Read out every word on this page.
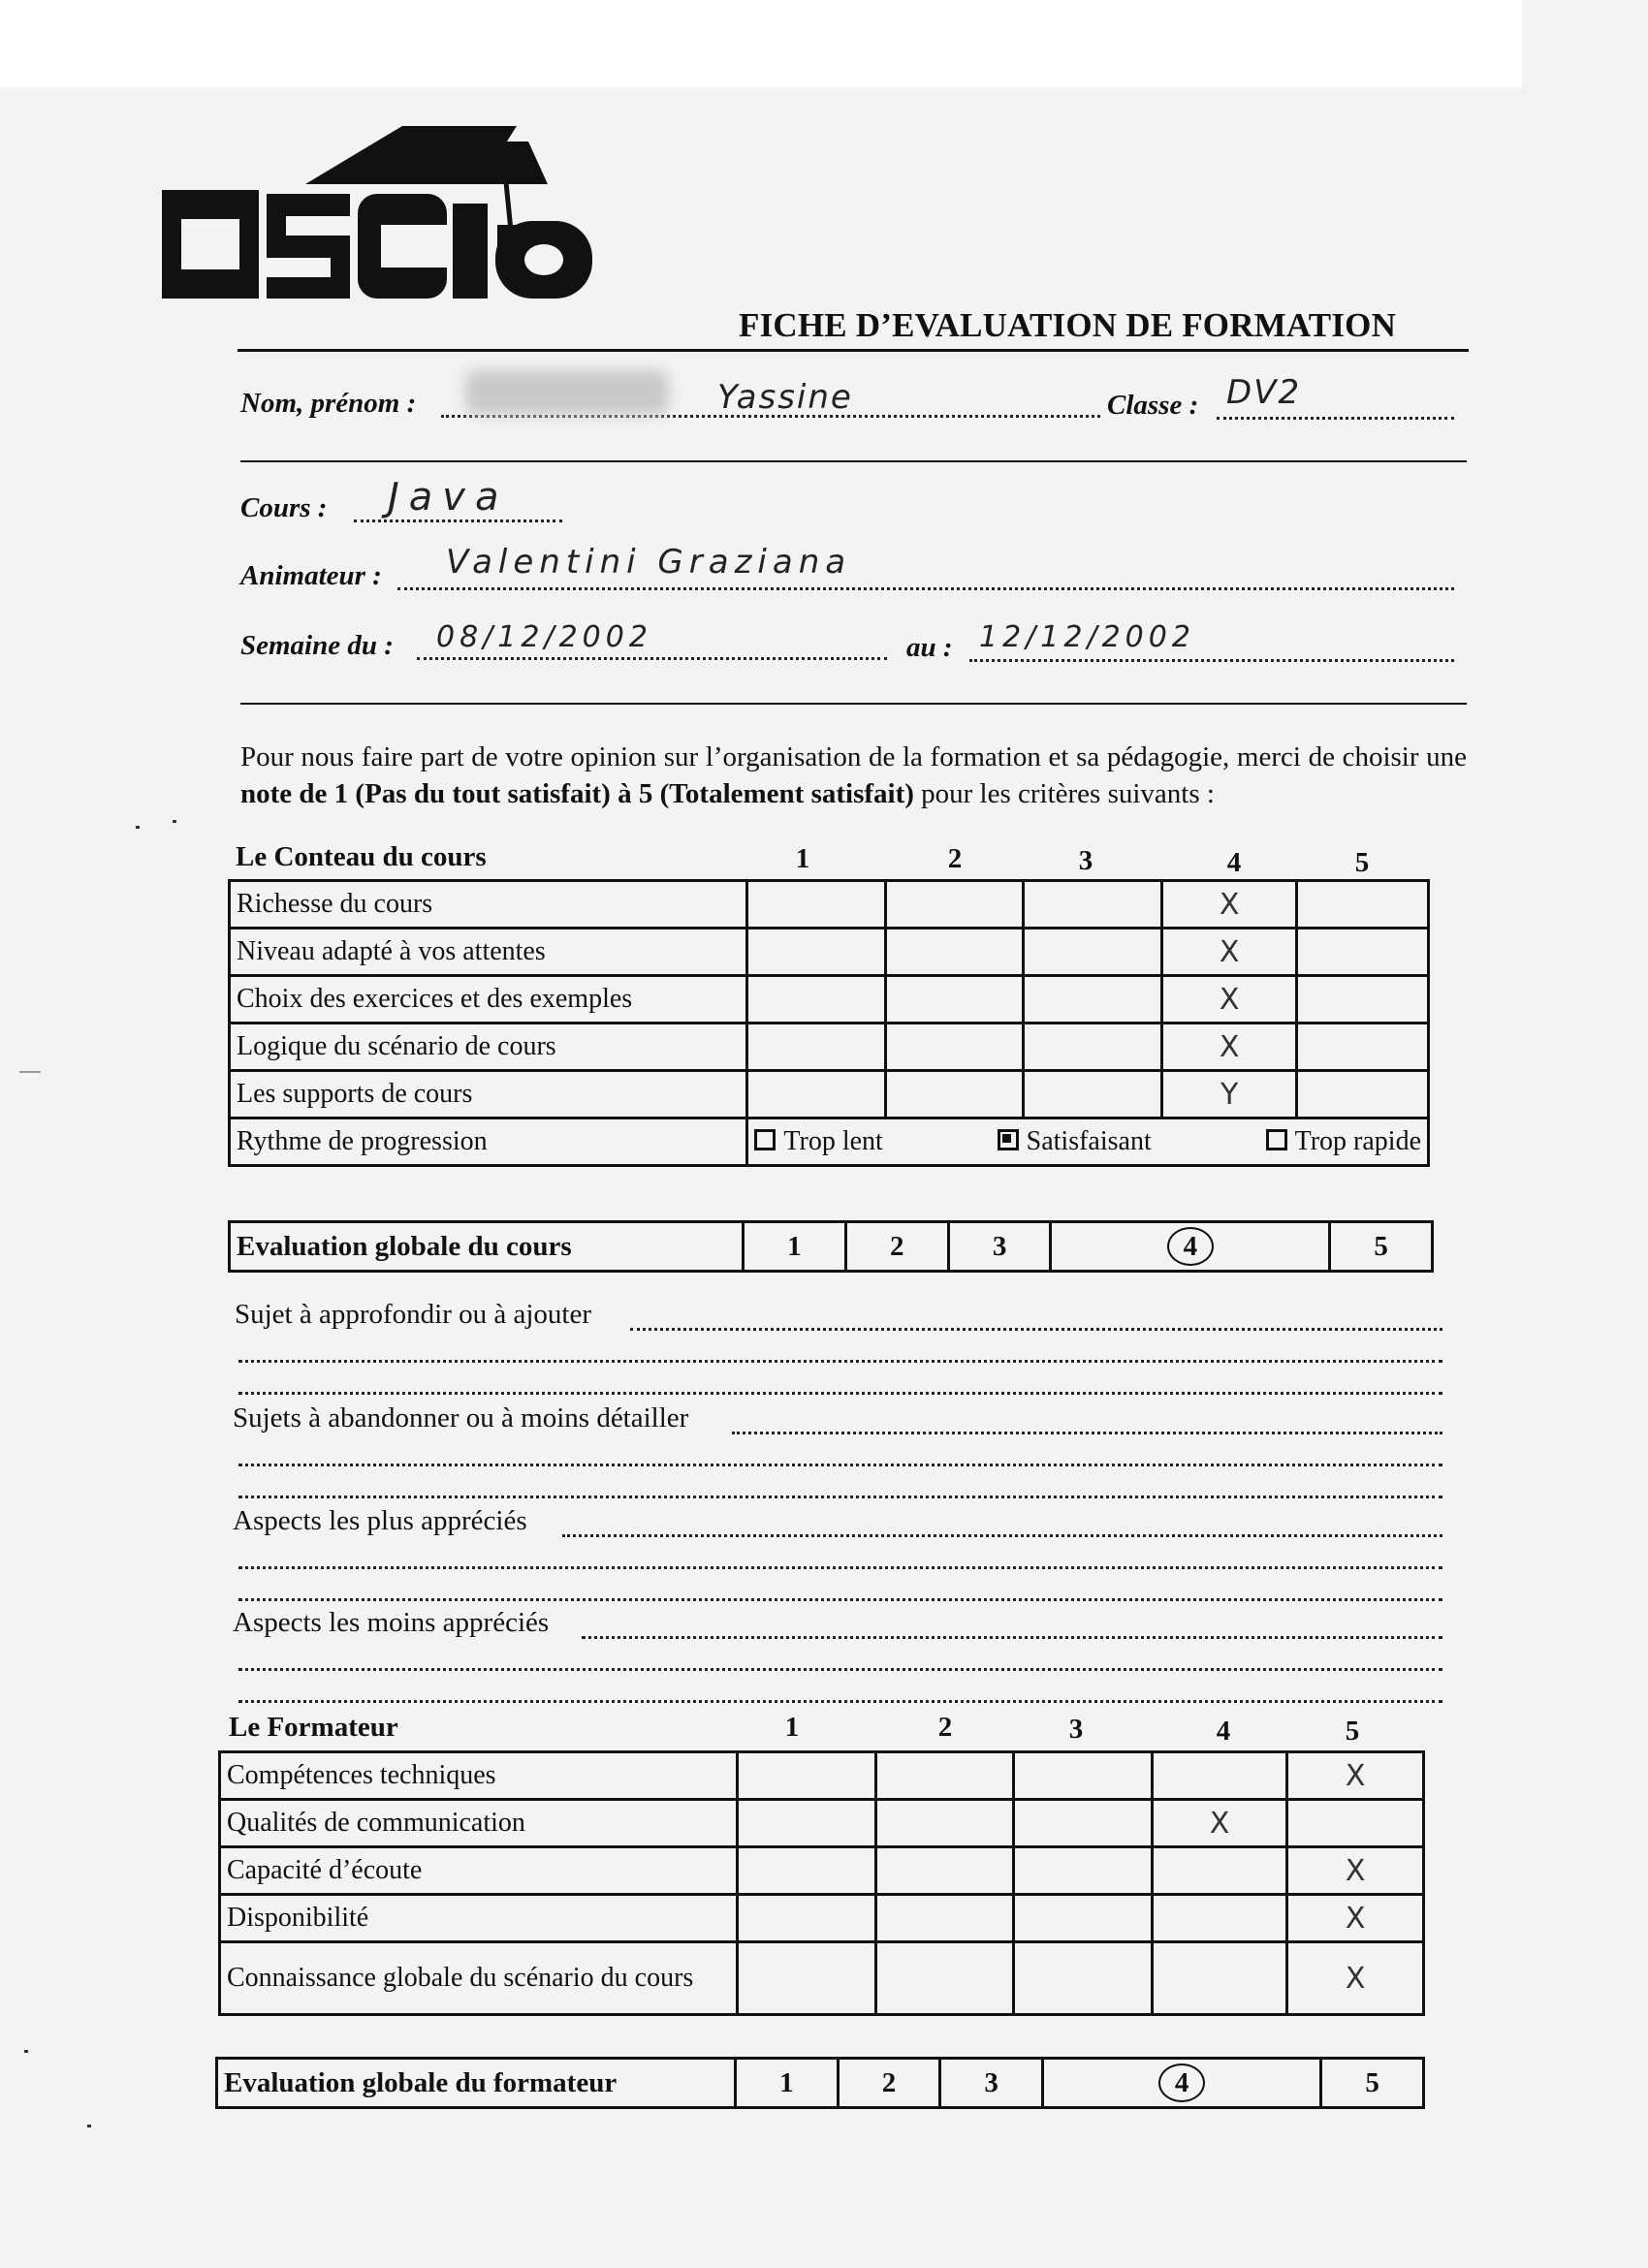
FICHE D’EVALUATION DE FORMATION
Nom, prénom :	Yassine	Classe : DV2
Cours : Java
Animateur : Valentini Graziana
Semaine du : 08/12/2002	au : 12/12/2002
Pour nous faire part de votre opinion sur l’organisation de la formation et sa pédagogie, merci de choisir une note de 1 (Pas du tout satisfait) à 5 (Totalement satisfait) pour les critères suivants :
Le Conteau du cours	1	2	3	4	5
Richesse du cours				X	
Niveau adapté à vos attentes				X	
Choix des exercices et des exemples				X	
Logique du scénario de cours				X	
Les supports de cours				Y	
Rythme de progression	Trop lent Satisfaisant Trop rapide				
Evaluation globale du cours	1	2	3	4	5
Sujet à approfondir ou à ajouter
Sujets à abandonner ou à moins détailler
Aspects les plus appréciés
Aspects les moins appréciés
Le Formateur	1	2	3	4	5
Compétences techniques					X
Qualités de communication				X	
Capacité d’écoute					X
Disponibilité					X
Connaissance globale du scénario du cours					X
Evaluation globale du formateur	1	2	3	4	5
